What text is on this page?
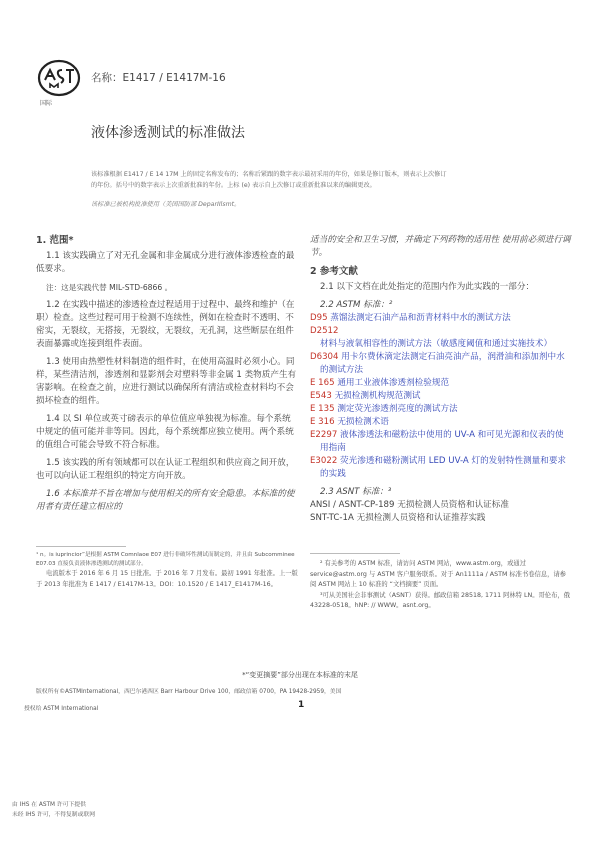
国际
名称：E1417 / E1417M-16
液体渗透测试的标准做法
该标准根据 E1417 / E 14 17M 上的固定名称发布的；名称后紧跟的数字表示最初采用的年份，如果是修订版本，则表示上次修订
的年份。括号中的数字表示上次重新批准的年份。上标 (e) 表示自上次修订或重新批准以来的编辑更改。
该标准已被机构批准使用（美国国防部 DeparIIlsmt。

1. 范围*

1.1 该实践确立了对无孔金属和非金属成分进行液体渗透检查的最低要求。

注：这是实践代替 MIL-STD-6866 。

1.2 在实践中描述的渗透检查过程适用于过程中、最终和维护（在职）检查。这些过程可用于检测不连续性，例如在检查时不透明、不密实，无裂纹，无搭接，无裂纹，无裂纹，无孔洞，这些断层在组件表面暴露或连接到组件表面。

1.3 使用由热塑性材料制造的组件时，在使用高温时必须小心。同样，某些清洁剂，渗透剂和显影剂会对塑料等非金属 1 类物质产生有害影响。在检查之前，应进行测试以确保所有清洁或检查材料均不会损坏检查的组件。

1.4 以 SI 单位或英寸磅表示的单位值应单独视为标准。每个系统中规定的值可能并非等同。因此，每个系统都应独立使用。两个系统的值组合可能会导致不符合标准。

1.5 该实践的所有领域都可以在认证工程组织和供应商之间开放，也可以向认证工程组织的特定方向开放。

1.6 本标准并不旨在增加与使用相关的所有安全隐患。本标准的使用者有责任建立相应的

¹ n。is iuprincior”是根据 ASTM Comnlaoe E07 进行非破坏性测试而制定的，并且由 Subcomminee E07.03 直接负责液体渗透测试的测试部分。

电流版本于 2016 年 6 月 15 日批准。于 2016 年 7 月发布。最初 1991 年批准。上一版于 2013 年批准为 E 1417 / E1417M-13。DOI：10.1520 / E 1417_E1417M-16。

适当的安全和卫生习惯，并确定下列药物的适用性 使用前必须进行调节。

2 参考文献

2.1 以下文档在此处指定的范围内作为此实践的一部分：

2.2 ASTM 标准：²

D95 蒸馏法测定石油产品和沥青材料中水的测试方法

D2512 材料与液氧相容性的测试方法（敏感度阈值和通过实施技术）

D6304 用卡尔费休滴定法测定石油亮油产品，润滑油和添加剂中水的测试方法

E 165 通用工业液体渗透剂检验规范

E543 无损检测机构规范测试

E 135 测定荧光渗透剂亮度的测试方法

E 316 无损检测术语

E2297 液体渗透法和磁粉法中使用的 UV-A 和可见光源和仪表的使用指南

E3022 荧光渗透和磁粉测试用 LED UV-A 灯的发射特性测量和要求的实践

2.3 ASNT 标准：³

ANSI / ASNT-CP-189 无损检测人员资格和认证标准

SNT-TC-1A 无损检测人员资格和认证推荐实践

² 有关参考的 ASTM 标准，请访问 ASTM 网站，www.astm.org，或通过 service@astm.org 与 ASTM 客户服务联系。对于 An1111a / ASTM 标准书卷信息，请参阅 ASTM 网站上 10 标准的 “文档摘要” 页面。

³可从美国社会非事测试（ASNT）获得。邮政信箱 28518, 1711 阿林特 LN。哥伦布，俄 43228-0518。hNP: // WWW。asnt.org。

*“变更摘要”部分出现在本标准的末尾
版权所有©ASTMInternational，西巴尔港西区 Barr Harbour Drive 100，邮政信箱 0700，PA 19428-2959，美国
授权给 ASTM International	1
由 IHS 在 ASTM 许可下提供
未经 IHS 许可，不得复制或联网
